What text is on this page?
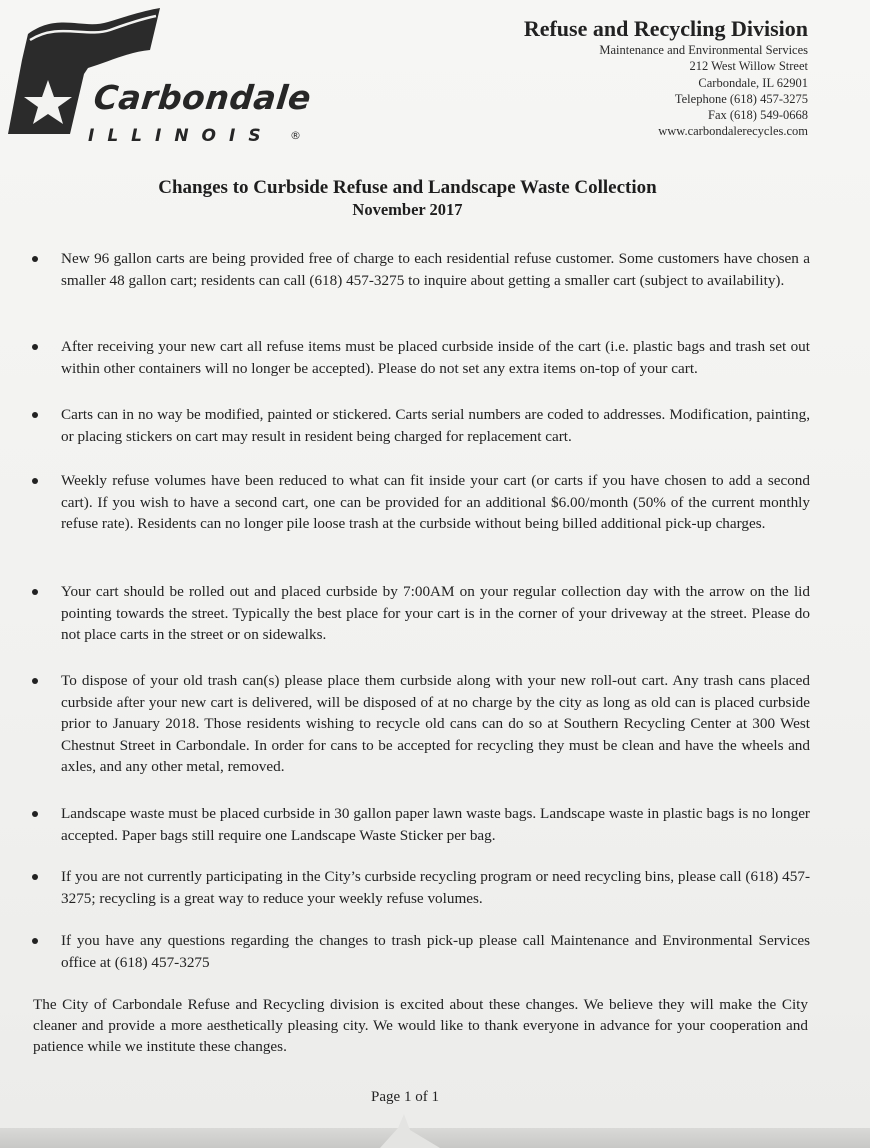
Carbondale
ILLINOIS ®
Refuse and Recycling Division
Maintenance and Environmental Services
212 West Willow Street
Carbondale, IL 62901
Telephone (618) 457-3275
Fax (618) 549-0668
www.carbondalerecycles.com
Changes to Curbside Refuse and Landscape Waste Collection
November 2017
New 96 gallon carts are being provided free of charge to each residential refuse customer. Some customers have chosen a smaller 48 gallon cart; residents can call (618) 457-3275 to inquire about getting a smaller cart (subject to availability).
After receiving your new cart all refuse items must be placed curbside inside of the cart (i.e. plastic bags and trash set out within other containers will no longer be accepted). Please do not set any extra items on-top of your cart.
Carts can in no way be modified, painted or stickered. Carts serial numbers are coded to addresses. Modification, painting, or placing stickers on cart may result in resident being charged for replacement cart.
Weekly refuse volumes have been reduced to what can fit inside your cart (or carts if you have chosen to add a second cart). If you wish to have a second cart, one can be provided for an additional $6.00/month (50% of the current monthly refuse rate). Residents can no longer pile loose trash at the curbside without being billed additional pick-up charges.
Your cart should be rolled out and placed curbside by 7:00AM on your regular collection day with the arrow on the lid pointing towards the street. Typically the best place for your cart is in the corner of your driveway at the street. Please do not place carts in the street or on sidewalks.
To dispose of your old trash can(s) please place them curbside along with your new roll-out cart. Any trash cans placed curbside after your new cart is delivered, will be disposed of at no charge by the city as long as old can is placed curbside prior to January 2018. Those residents wishing to recycle old cans can do so at Southern Recycling Center at 300 West Chestnut Street in Carbondale. In order for cans to be accepted for recycling they must be clean and have the wheels and axles, and any other metal, removed.
Landscape waste must be placed curbside in 30 gallon paper lawn waste bags. Landscape waste in plastic bags is no longer accepted. Paper bags still require one Landscape Waste Sticker per bag.
If you are not currently participating in the City’s curbside recycling program or need recycling bins, please call (618) 457-3275; recycling is a great way to reduce your weekly refuse volumes.
If you have any questions regarding the changes to trash pick-up please call Maintenance and Environmental Services office at (618) 457-3275
The City of Carbondale Refuse and Recycling division is excited about these changes. We believe they will make the City cleaner and provide a more aesthetically pleasing city. We would like to thank everyone in advance for your cooperation and patience while we institute these changes.
Page 1 of 1
